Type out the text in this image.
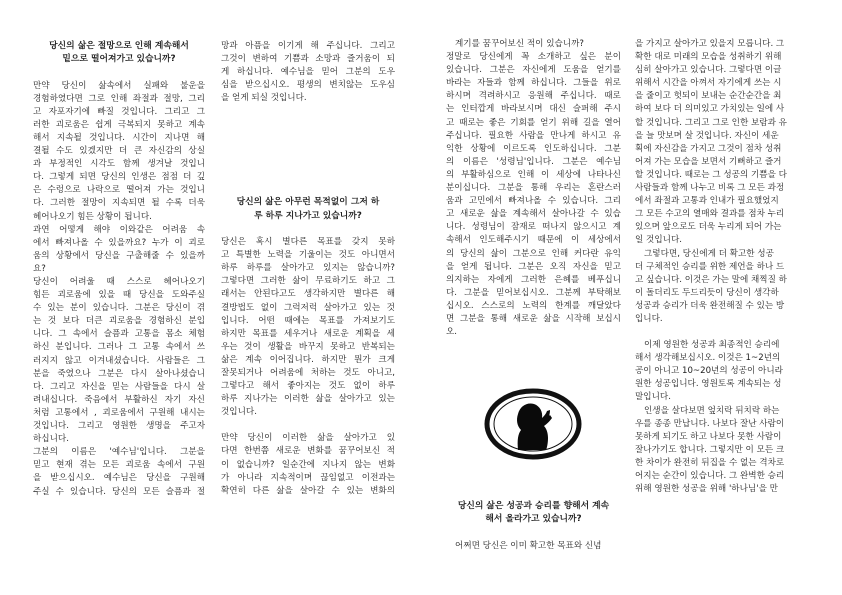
당신의 삶은 절망으로 인해 계속해서
밑으로 떨어져가고 있습니까?
만약 당신이 삶속에서 실패와 불운을
경험하였다면 그로 인해 좌절과 절망, 그리
고 자포자기에 빠질 것입니다. 그리고 그
러한 괴로움은 쉽게 극복되지 못하고 계속
해서 지속될 것입니다. 시간이 지나면 해
결될 수도 있겠지만 더 큰 자신감의 상실
과 부정적인 시각도 함께 생겨날 것입니
다. 그렇게 되면 당신의 인생은 점점 더 깊
은 수렁으로 나락으로 떨어져 가는 것입니
다. 그러한 절망이 지속되면 될 수록 더욱
헤어나오기 힘든 상황이 됩니다.
과연 어떻게 해야 이와같은 어려움 속
에서 빠져나올 수 있을까요? 누가 이 괴로
움의 상황에서 당신을 구출해줄 수 있을까
요?
당신이 어려울 때 스스로 헤어나오기
힘든 괴로움에 있을 때 당신을 도와주실
수 있는 분이 있습니다. 그분은 당신이 겪
는 것 보다 더큰 괴로움을 경험하신 분입
니다. 그 속에서 슬픔과 고통을 몸소 체험
하신 분입니다. 그러나 그 고통 속에서 쓰
러지지 않고 이겨내셨습니다. 사람들은 그
분을 죽였으나 그분은 다시 살아나셨습니
다. 그리고 자신을 믿는 사람들을 다시 살
려내십니다. 죽음에서 부활하신 자기 자신
처럼 고통에서 , 괴로움에서 구원해 내시는
것입니다. 그리고 영원한 생명을 주고자
하십니다.
그분의 이름은 '예수님'입니다. 그분을
믿고 현재 겪는 모든 괴로움 속에서 구원
을 받으십시오. 예수님은 당신을 구원해
주실 수 있습니다. 당신의 모든 슬픔과 절
망과 아픔을 이기게 해 주십니다. 그리고
그것이 변하여 기쁨과 소망과 즐거움이 되
게 하십니다. 예수님을 믿어 그분의 도우
심을 받으십시오. 평생의 변치않는 도우심
을 얻게 되실 것입니다.
당신의 삶은 아무런 목적없이 그저 하
루 하루 지나가고 있습니까?
당신은 혹시 별다른 목표를 갖지 못하
고 특별한 노력을 기울이는 것도 아니면서
하루 하루를 살아가고 있지는 않습니까?
그렇다면 그러한 삶이 무료하기도 하고 그
래서는 안된다고도 생각하지만 별다른 해
결방법도 없이 그럭저럭 살아가고 있는 것
입니다. 어떤 때에는 목표를 가져보기도
하지만 목표를 세우거나 새로운 계획을 세
우는 것이 생활을 바꾸지 못하고 반복되는
삶은 계속 이어집니다. 하지만 뭔가 크게
잘못되거나 어려움에 처하는 것도 아니고,
그렇다고 해서 좋아지는 것도 없이 하루
하루 지나가는 이러한 삶을 살아가고 있는
것입니다.
만약 당신이 이러한 삶을 살아가고 있
다면 한번쯤 새로운 변화를 꿈꾸어보신 적
이 없습니까? 일순간에 지나지 않는 변화
가 아니라 지속적이며 끊임없고 이전과는
확연히 다른 삶을 살아갈 수 있는 변화의
계기를 꿈꾸어보신 적이 있습니까?
정말로 당신에게 꼭 소개하고 싶은 분이
있습니다. 그분은 자신에게 도움을 얻기를
바라는 자들과 함께 하십니다. 그들을 위로
하시며 격려하시고 응원해 주십니다. 때로
는 인터깝게 바라보시며 대신 슬퍼해 주시
고 때로는 좋은 기회를 얻기 위해 길을 열어
주십니다. 필요한 사람을 만나게 하시고 유
익한 상황에 이르도록 인도하십니다. 그분
의 이름은 '성령님'입니다. 그분은 예수님
의 부활하심으로 인해 이 세상에 나타나신
분이십니다. 그분을 통해 우리는 혼란스러
움과 고민에서 빠져나올 수 있습니다. 그리
고 새로운 삶을 계속해서 살아나갈 수 있습
니다. 성령님이 잠재로 떠나지 않으시고 계
속해서 인도해주시기 때문에 이 세상에서
의 당신의 삶이 그분으로 인해 커다란 유익
을 얻게 됩니다. 그분은 오직 자신을 믿고
의지하는 자에게 그러한 은혜를 베푸십니
다. 그분을 믿어보십시오. 그분께 부탁해보
십시오. 스스로의 노력의 한계를 깨달았다
면 그분을 통해 새로운 삶을 시작해 보십시
오.
당신의 삶은 성공과 승리를 향해서 계속
해서 올라가고 있습니까?
어쩌면 당신은 이미 확고한 목표와 신념
을 가지고 살아가고 있을지 모릅니다. 그
확한 대로 미래의 모습을 성취하기 위해
심히 살아가고 있습니다. 그렇다면 이글
위해서 시간을 아껴서 자기에게 쓰는 시
을 줄이고 헛되이 보내는 순간순간을 최
하여 보다 더 의미있고 가치있는 일에 사
할 것입니다. 그리고 그로 인한 보람과 유
을 늘 맛보며 살 것입니다. 자신이 세운
획에 자신감을 가지고 그것이 점차 성취
어져 가는 모습을 보면서 기뻐하고 즐거
할 것입니다. 때로는 그 성공의 기쁨을 다
사람들과 함께 나누고 비록 그 모든 과정
에서 좌절과 고통과 인내가 필요했었지
그 모든 수고의 열매와 결과를 점차 누리
있으며 앞으로도 더욱 누리게 되어 가는
일 것입니다.
그렇다면, 당신에게 더 확고한 성공
더 구체적인 승리를 위한 제언을 하나 드
고 싶습니다. 이것은 가는 말에 채찍질 하
이 돌더리도 두드리듯이 당신이 생각하
성공과 승리가 더욱 완전해질 수 있는 방
입니다.
이제 영원한 성공과 최종적인 승리에
해서 생각해보십시오. 이것은 1~2년의
공이 아니고 10~20년의 성공이 아니라
원한 성공입니다. 영원토록 계속되는 성
말입니다.
인생을 살다보면 엎치락 뒤치락 하는
우를 종종 만납니다. 나보다 잘난 사람이
못하게 되기도 하고 나보다 못한 사람이
잘나가기도 합니다. 그렇지만 이 모든 크
한 차이가 완전히 뒤집을 수 없는 격차로
어지는 순간이 있습니다. 그 완벽한 승리
위해 영원한 성공을 위해 '하나님'을 만
